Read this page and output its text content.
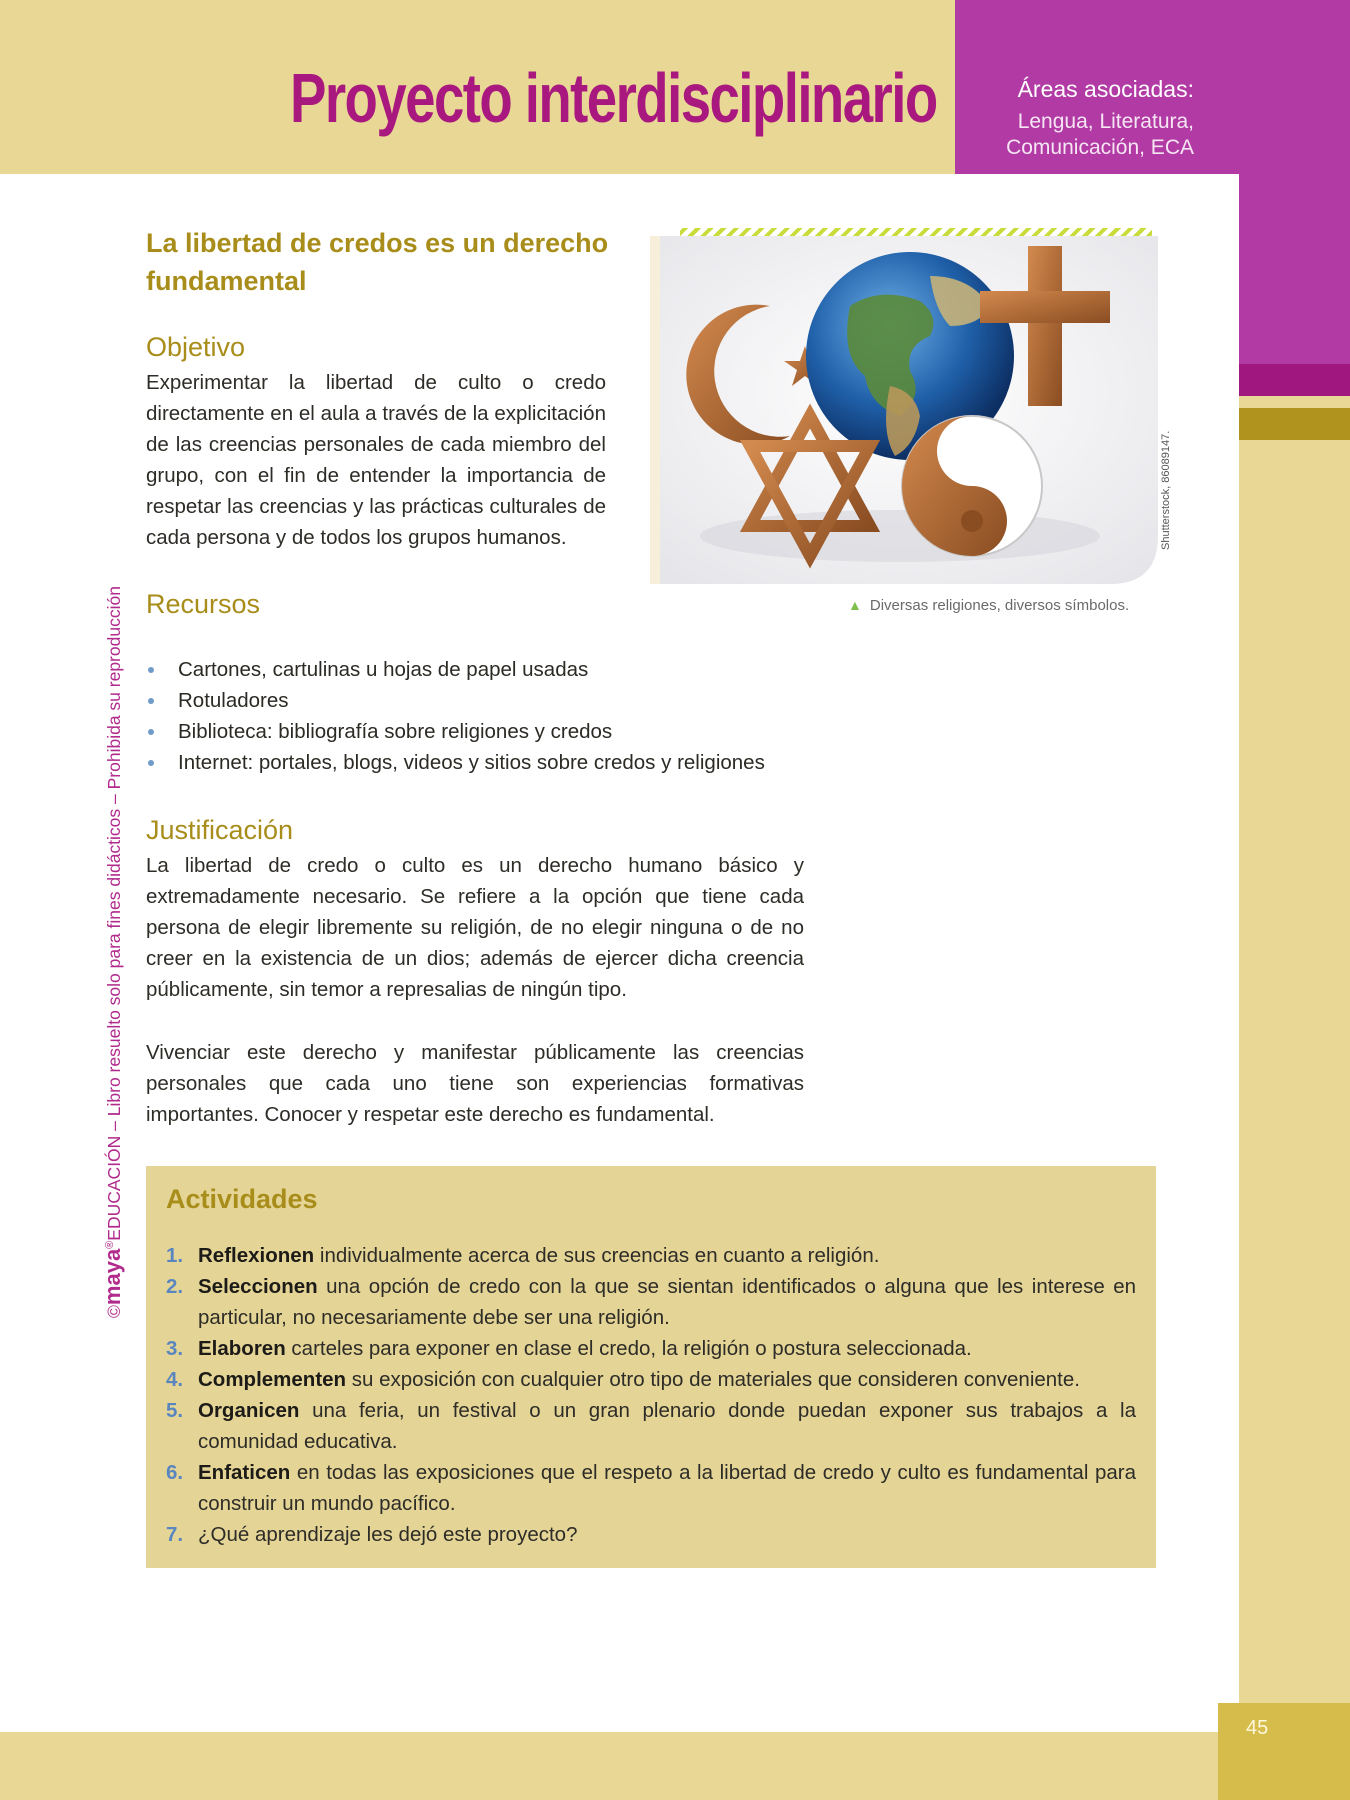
Proyecto interdisciplinario	Áreas asociadas:
Lengua, Literatura,
Comunicación, ECA
©maya®EDUCACIÓN – Libro resuelto solo para fines didácticos – Prohibida su reproducción
La libertad de credos es un derecho fundamental
Objetivo
Experimentar la libertad de culto o credo directamente en el aula a través de la explicitación de las creencias personales de cada miembro del grupo, con el fin de entender la importancia de respetar las creencias y las prácticas culturales de cada persona y de todos los grupos humanos.
Recursos
Cartones, cartulinas u hojas de papel usadas
Rotuladores
Biblioteca: bibliografía sobre religiones y credos
Internet: portales, blogs, videos y sitios sobre credos y religiones
Justificación
La libertad de credo o culto es un derecho humano básico y extremadamente necesario. Se refiere a la opción que tiene cada persona de elegir libremente su religión, de no elegir ninguna o de no creer en la existencia de un dios; además de ejercer dicha creencia públicamente, sin temor a represalias de ningún tipo.
Vivenciar este derecho y manifestar públicamente las creencias personales que cada uno tiene son experiencias formativas importantes. Conocer y respetar este derecho es fundamental.
Shutterstock, 86089147.
▲ Diversas religiones, diversos símbolos.
Actividades
1. Reflexionen individualmente acerca de sus creencias en cuanto a religión.
2. Seleccionen una opción de credo con la que se sientan identificados o alguna que les interese en particular, no necesariamente debe ser una religión.
3. Elaboren carteles para exponer en clase el credo, la religión o postura seleccionada.
4. Complementen su exposición con cualquier otro tipo de materiales que consideren conveniente.
5. Organicen una feria, un festival o un gran plenario donde puedan exponer sus trabajos a la comunidad educativa.
6. Enfaticen en todas las exposiciones que el respeto a la libertad de credo y culto es fundamental para construir un mundo pacífico.
7. ¿Qué aprendizaje les dejó este proyecto?
45
